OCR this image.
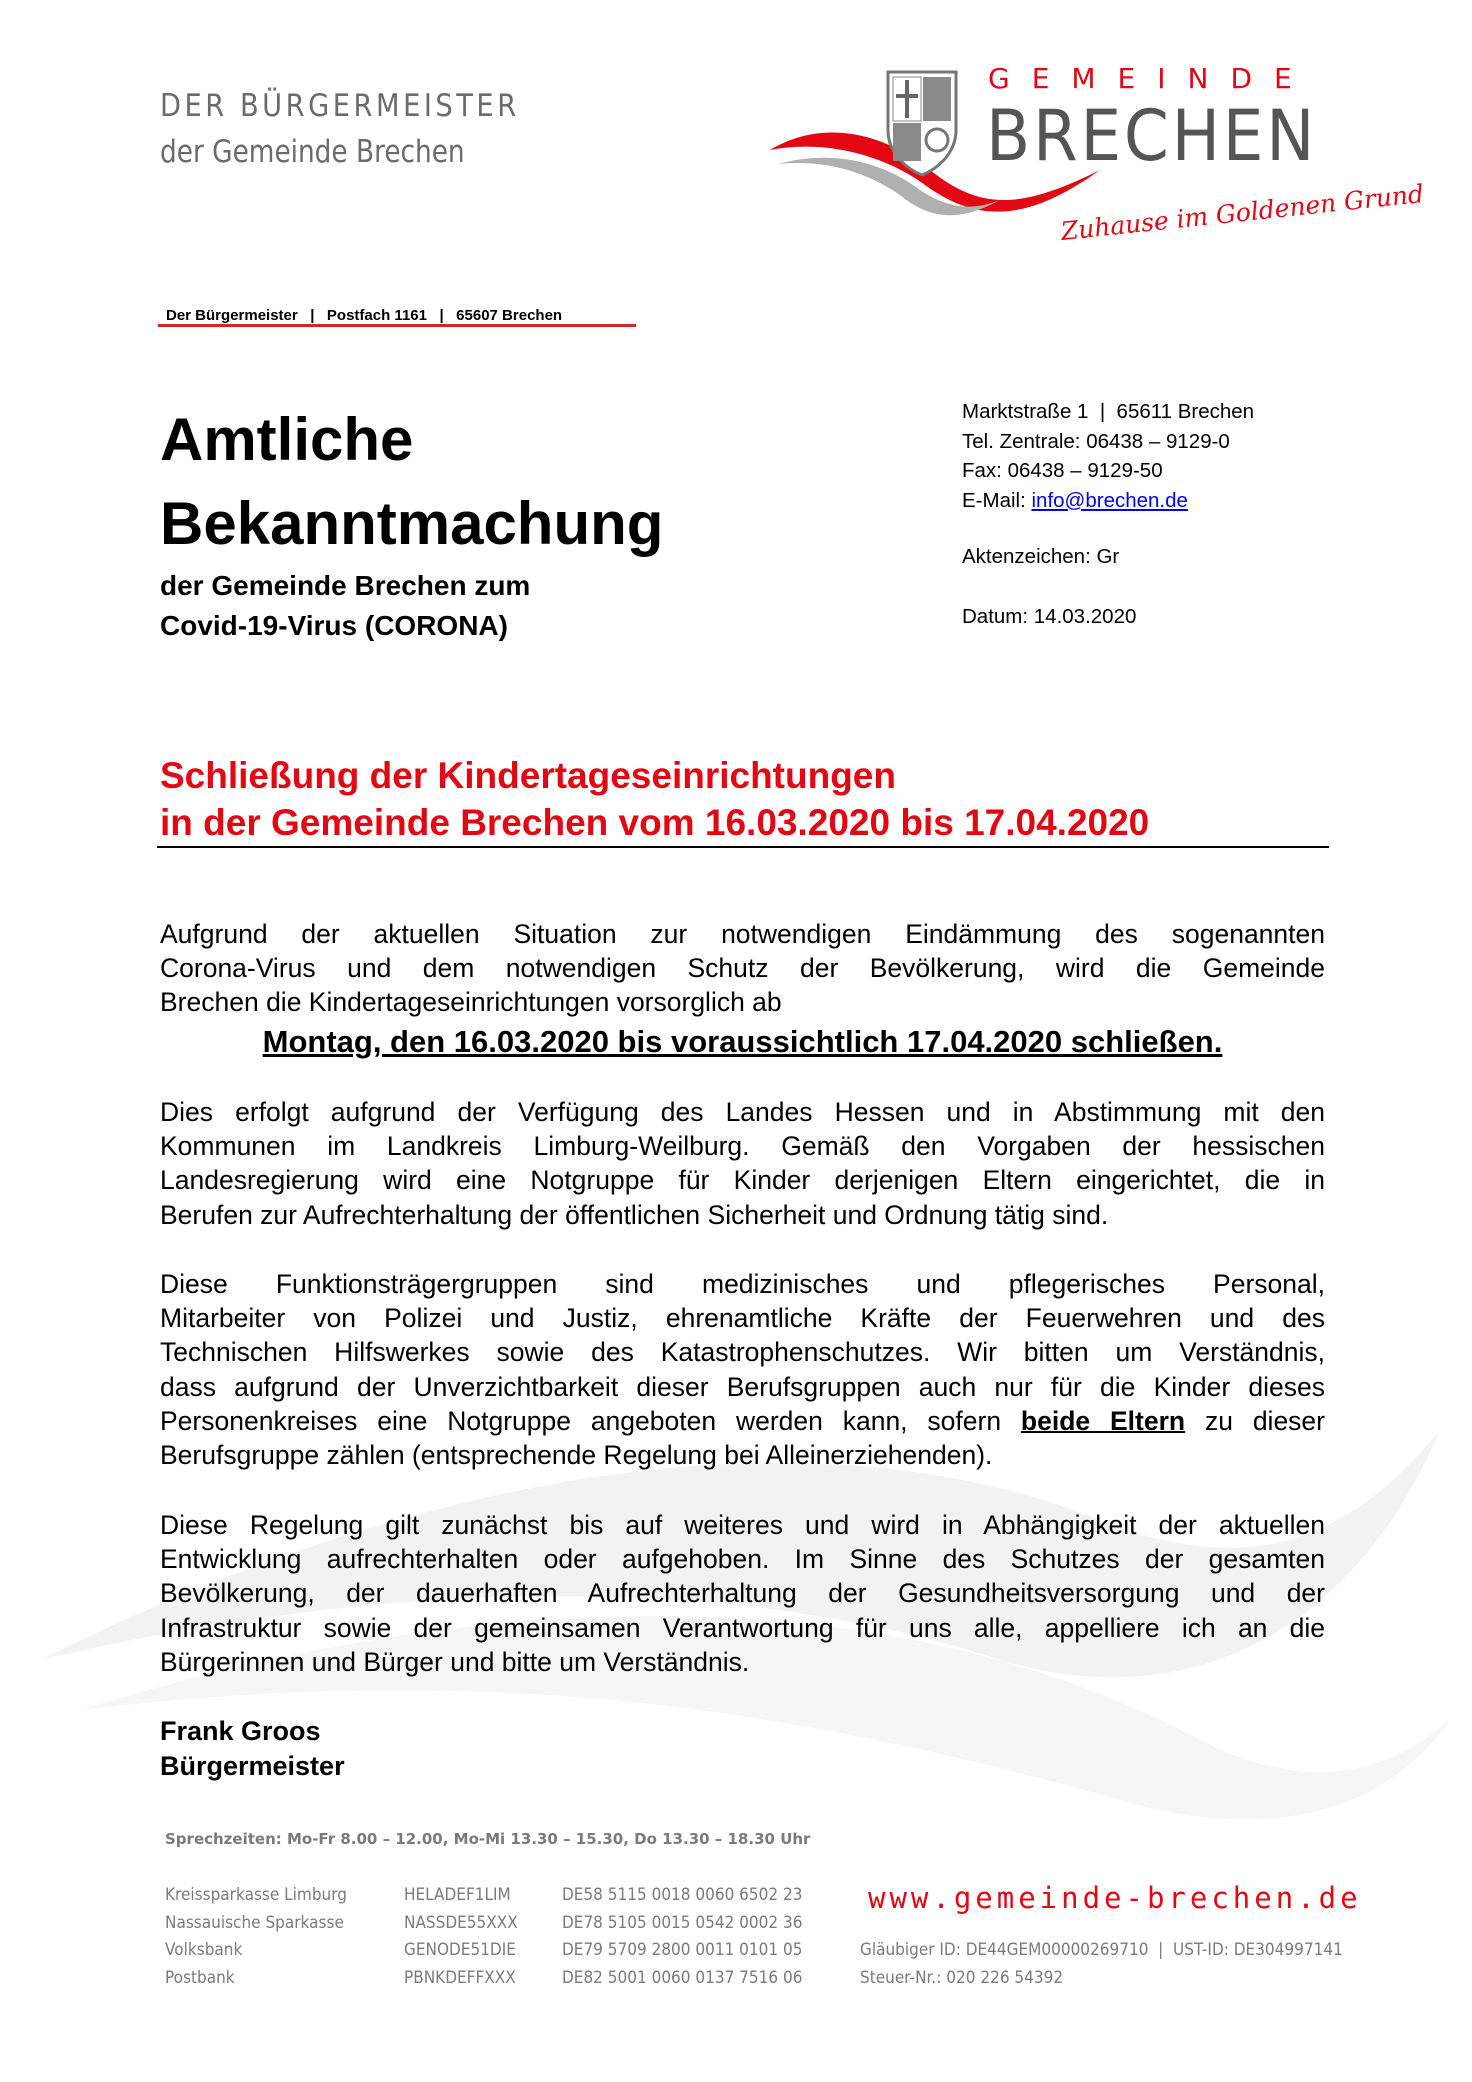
DER BÜRGERMEISTER
der Gemeinde Brechen
GEMEINDE
BRECHEN
Zuhause im Goldenen Grund
Der Bürgermeister   |   Postfach 1161   |   65607 Brechen
Amtliche
Bekanntmachung
der Gemeinde Brechen zum
Covid-19-Virus (CORONA)
Marktstraße 1  |  65611 Brechen
Tel. Zentrale: 06438 – 9129-0
Fax: 06438 – 9129-50
E-Mail: info@brechen.de
Aktenzeichen: Gr
Datum: 14.03.2020
Schließung der Kindertageseinrichtungen
in der Gemeinde Brechen vom 16.03.2020 bis 17.04.2020
Aufgrund der aktuellen Situation zur notwendigen Eindämmung des sogenannten
Corona-Virus und dem notwendigen Schutz der Bevölkerung, wird die Gemeinde
Brechen die Kindertageseinrichtungen vorsorglich ab
Montag, den 16.03.2020 bis voraussichtlich 17.04.2020 schließen.
Dies erfolgt aufgrund der Verfügung des Landes Hessen und in Abstimmung mit den
Kommunen im Landkreis Limburg-Weilburg. Gemäß den Vorgaben der hessischen
Landesregierung wird eine Notgruppe für Kinder derjenigen Eltern eingerichtet, die in
Berufen zur Aufrechterhaltung der öffentlichen Sicherheit und Ordnung tätig sind.
Diese Funktionsträgergruppen sind medizinisches und pflegerisches Personal,
Mitarbeiter von Polizei und Justiz, ehrenamtliche Kräfte der Feuerwehren und des
Technischen Hilfswerkes sowie des Katastrophenschutzes. Wir bitten um Verständnis,
dass aufgrund der Unverzichtbarkeit dieser Berufsgruppen auch nur für die Kinder dieses
Personenkreises eine Notgruppe angeboten werden kann, sofern beide Eltern zu dieser
Berufsgruppe zählen (entsprechende Regelung bei Alleinerziehenden).
Diese Regelung gilt zunächst bis auf weiteres und wird in Abhängigkeit der aktuellen
Entwicklung aufrechterhalten oder aufgehoben. Im Sinne des Schutzes der gesamten
Bevölkerung, der dauerhaften Aufrechterhaltung der Gesundheitsversorgung und der
Infrastruktur sowie der gemeinsamen Verantwortung für uns alle, appelliere ich an die
Bürgerinnen und Bürger und bitte um Verständnis.
Frank Groos
Bürgermeister
Sprechzeiten: Mo-Fr 8.00 – 12.00, Mo-Mi 13.30 – 15.30, Do 13.30 – 18.30 Uhr
Kreissparkasse Limburg	HELADEF1LIM	DE58 5115 0018 0060 6502 23
Nassauische Sparkasse	NASSDE55XXX	DE78 5105 0015 0542 0002 36
Volksbank	GENODE51DIE	DE79 5709 2800 0011 0101 05
Postbank	PBNKDEFFXXX	DE82 5001 0060 0137 7516 06
www.gemeinde-brechen.de
Gläubiger ID: DE44GEM00000269710  |  UST-ID: DE304997141
Steuer-Nr.: 020 226 54392
